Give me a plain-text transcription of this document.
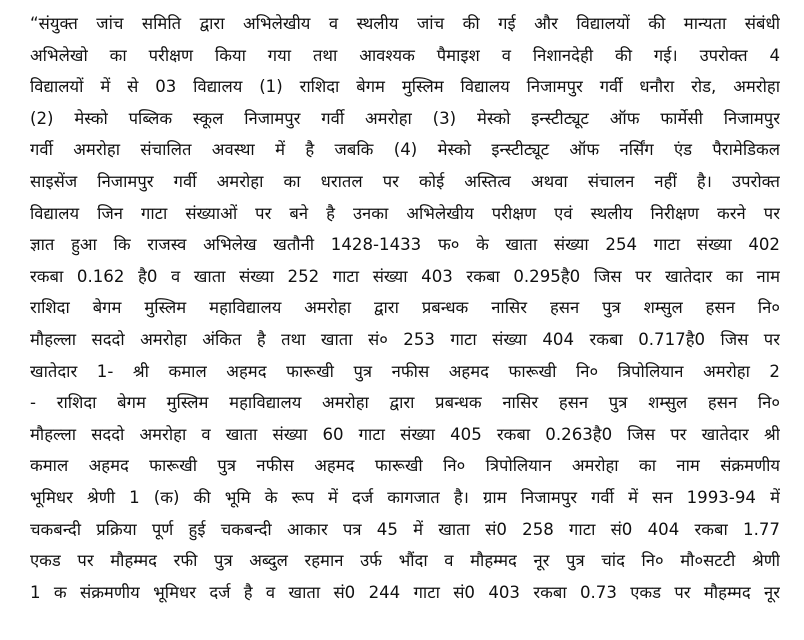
“संयुक्त जांच समिति द्वारा अभिलेखीय व स्थलीय जांच की गई और विद्यालयों की मान्यता संबंधी
अभिलेखो का परीक्षण किया गया तथा आवश्यक पैमाइश व निशानदेही की गई। उपरोक्त 4
विद्यालयों में से 03 विद्यालय (1) राशिदा बेगम मुस्लिम विद्यालय निजामपुर गर्वी धनौरा रोड, अमरोहा
(2) मेस्को पब्लिक स्कूल निजामपुर गर्वी अमरोहा (3) मेस्को इन्स्टीट्यूट ऑफ फार्मेसी निजामपुर
गर्वी अमरोहा संचालित अवस्था में है जबकि (4) मेस्को इन्स्टीट्यूट ऑफ नर्सिंग एंड पैरामेडिकल
साइसेंज निजामपुर गर्वी अमरोहा का धरातल पर कोई अस्तित्व अथवा संचालन नहीं है। उपरोक्त
विद्यालय जिन गाटा संख्याओं पर बने है उनका अभिलेखीय परीक्षण एवं स्थलीय निरीक्षण करने पर
ज्ञात हुआ कि राजस्व अभिलेख खतौनी 1428-1433 फ० के खाता संख्या 254 गाटा संख्या 402
रकबा 0.162 है0 व खाता संख्या 252 गाटा संख्या 403 रकबा 0.295है0 जिस पर खातेदार का नाम
राशिदा बेगम मुस्लिम महाविद्यालय अमरोहा द्वारा प्रबन्धक नासिर हसन पुत्र शम्सुल हसन नि०
मौहल्ला सददो अमरोहा अंकित है तथा खाता सं० 253 गाटा संख्या 404 रकबा 0.717है0 जिस पर
खातेदार 1- श्री कमाल अहमद फारूखी पुत्र नफीस अहमद फारूखी नि० त्रिपोलियान अमरोहा 2
- राशिदा बेगम मुस्लिम महाविद्यालय अमरोहा द्वारा प्रबन्धक नासिर हसन पुत्र शम्सुल हसन नि०
मौहल्ला सददो अमरोहा व खाता संख्या 60 गाटा संख्या 405 रकबा 0.263है0 जिस पर खातेदार श्री
कमाल अहमद फारूखी पुत्र नफीस अहमद फारूखी नि० त्रिपोलियान अमरोहा का नाम संक्रमणीय
भूमिधर श्रेणी 1 (क) की भूमि के रूप में दर्ज कागजात है। ग्राम निजामपुर गर्वी में सन 1993-94 में
चकबन्दी प्रक्रिया पूर्ण हुई चकबन्दी आकार पत्र 45 में खाता सं0 258 गाटा सं0 404 रकबा 1.77
एकड पर मौहम्मद रफी पुत्र अब्दुल रहमान उर्फ भौंदा व मौहम्मद नूर पुत्र चांद नि० मौ०सटटी श्रेणी
1 क संक्रमणीय भूमिधर दर्ज है व खाता सं0 244 गाटा सं0 403 रकबा 0.73 एकड पर मौहम्मद नूर
